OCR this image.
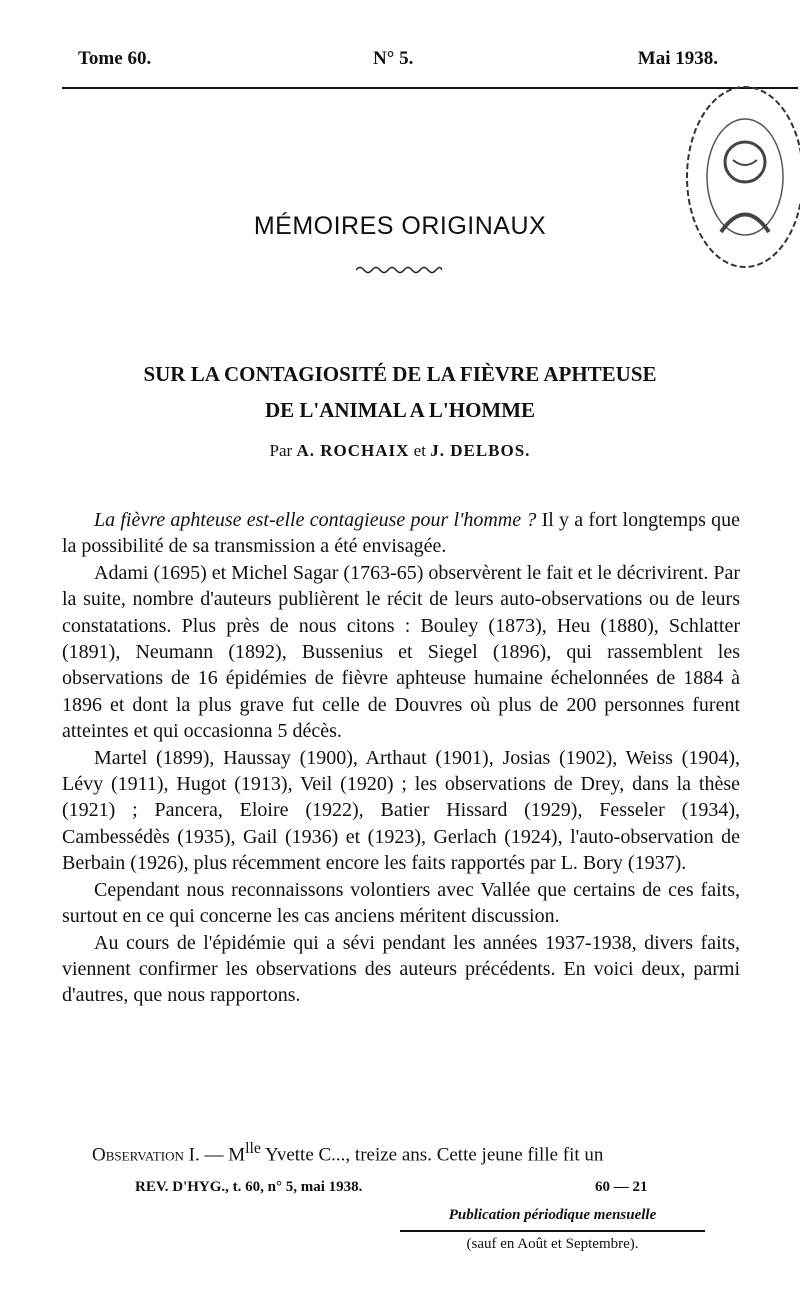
Tome 60.	N° 5.	Mai 1938.
MÉMOIRES ORIGINAUX
SUR LA CONTAGIOSITÉ DE LA FIÈVRE APHTEUSE
DE L'ANIMAL A L'HOMME
Par A. ROCHAIX et J. DELBOS.

La fièvre aphteuse est-elle contagieuse pour l'homme ? Il y a fort longtemps que la possibilité de sa transmission a été envisagée.

Adami (1695) et Michel Sagar (1763-65) observèrent le fait et le décrivirent. Par la suite, nombre d'auteurs publièrent le récit de leurs auto-observations ou de leurs constatations. Plus près de nous citons : Bouley (1873), Heu (1880), Schlatter (1891), Neumann (1892), Bussenius et Siegel (1896), qui rassemblent les observations de 16 épidémies de fièvre aphteuse humaine échelonnées de 1884 à 1896 et dont la plus grave fut celle de Douvres où plus de 200 personnes furent atteintes et qui occasionna 5 décès.

Martel (1899), Haussay (1900), Arthaut (1901), Josias (1902), Weiss (1904), Lévy (1911), Hugot (1913), Veil (1920) ; les observations de Drey, dans la thèse (1921) ; Pancera, Eloire (1922), Batier Hissard (1929), Fesseler (1934), Cambessédès (1935), Gail (1936) et (1923), Gerlach (1924), l'auto-observation de Berbain (1926), plus récemment encore les faits rapportés par L. Bory (1937).

Cependant nous reconnaissons volontiers avec Vallée que certains de ces faits, surtout en ce qui concerne les cas anciens méritent discussion.

Au cours de l'épidémie qui a sévi pendant les années 1937-1938, divers faits, viennent confirmer les observations des auteurs précédents. En voici deux, parmi d'autres, que nous rapportons.

Observation I. — $M^{lle}$ Yvette C..., treize ans. Cette jeune fille fit un
REV. D'HYG., t. 60, n° 5, mai 1938.	60 — 21
Publication périodique mensuelle
(sauf en Août et Septembre).
